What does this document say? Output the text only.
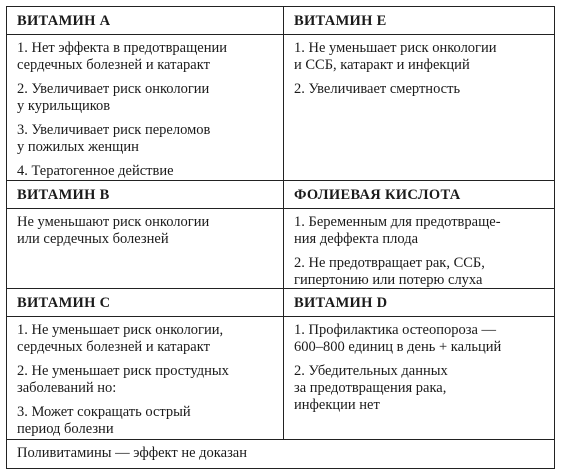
ВИТАМИН А

1. Нет эффекта в предотвращении
сердечных болезней и катаракт

2. Увеличивает риск онкологии
у курильщиков

3. Увеличивает риск переломов
у пожилых женщин

4. Тератогенное действие

ВИТАМИН Е

1. Не уменьшает риск онкологии
и ССБ, катаракт и инфекций

2. Увеличивает смертность

ВИТАМИН В

Не уменьшают риск онкологии
или сердечных болезней

ФОЛИЕВАЯ КИСЛОТА

1. Беременным для предотвраще-
ния деффекта плода

2. Не предотвращает рак, ССБ,
гипертонию или потерю слуха

ВИТАМИН С

1. Не уменьшает риск онкологии,
сердечных болезней и катаракт

2. Не уменьшает риск простудных
заболеваний но:

3. Может сокращать острый
период болезни

ВИТАМИН D

1. Профилактика остеопороза —
600–800 единиц в день + кальций

2. Убедительных данных
за предотвращения рака,
инфекции нет

Поливитамины — эффект не доказан
